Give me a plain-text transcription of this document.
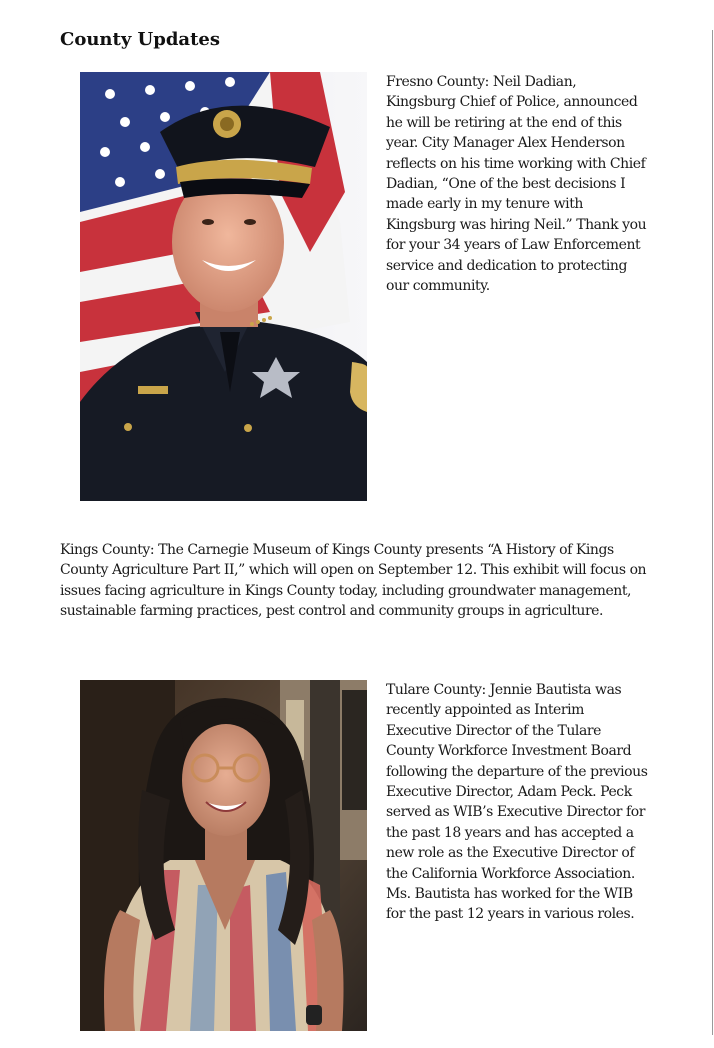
County Updates

Fresno County: Neil Dadian, Kingsburg Chief of Police, announced he will be retiring at the end of this year. City Manager Alex Henderson reflects on his time working with Chief Dadian, “One of the best decisions I made early in my tenure with Kingsburg was hiring Neil.” Thank you for your 34 years of Law Enforcement service and dedication to protecting our community.

Kings County: The Carnegie Museum of Kings County presents “A History of Kings County Agriculture Part II,” which will open on September 12. This exhibit will focus on issues facing agriculture in Kings County today, including groundwater management, sustainable farming practices, pest control and community groups in agriculture.

Tulare County: Jennie Bautista was recently appointed as Interim Executive Director of the Tulare County Workforce Investment Board following the departure of the previous Executive Director, Adam Peck. Peck served as WIB’s Executive Director for the past 18 years and has accepted a new role as the Executive Director of the California Workforce Association. Ms. Bautista has worked for the WIB for the past 12 years in various roles.
